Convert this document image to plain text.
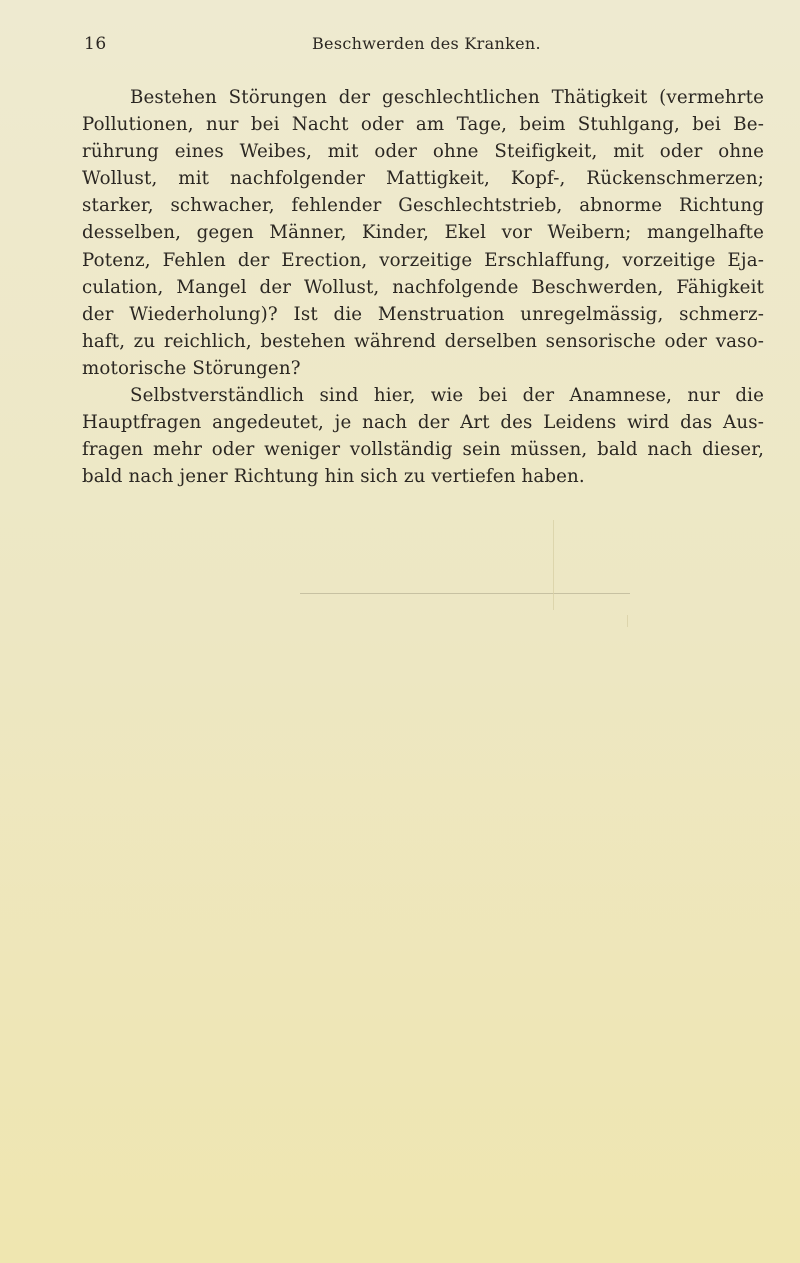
16	Beschwerden des Kranken.
Bestehen Störungen der geschlechtlichen Thätigkeit (vermehrte
Pollutionen, nur bei Nacht oder am Tage, beim Stuhlgang, bei Be-
rührung eines Weibes, mit oder ohne Steifigkeit, mit oder ohne
Wollust, mit nachfolgender Mattigkeit, Kopf-, Rückenschmerzen;
starker, schwacher, fehlender Geschlechtstrieb, abnorme Richtung
desselben, gegen Männer, Kinder, Ekel vor Weibern; mangelhafte
Potenz, Fehlen der Erection, vorzeitige Erschlaffung, vorzeitige Eja-
culation, Mangel der Wollust, nachfolgende Beschwerden, Fähigkeit
der Wiederholung)? Ist die Menstruation unregelmässig, schmerz-
haft, zu reichlich, bestehen während derselben sensorische oder vaso-
motorische Störungen?
Selbstverständlich sind hier, wie bei der Anamnese, nur die
Hauptfragen angedeutet, je nach der Art des Leidens wird das Aus-
fragen mehr oder weniger vollständig sein müssen, bald nach dieser,
bald nach jener Richtung hin sich zu vertiefen haben.
